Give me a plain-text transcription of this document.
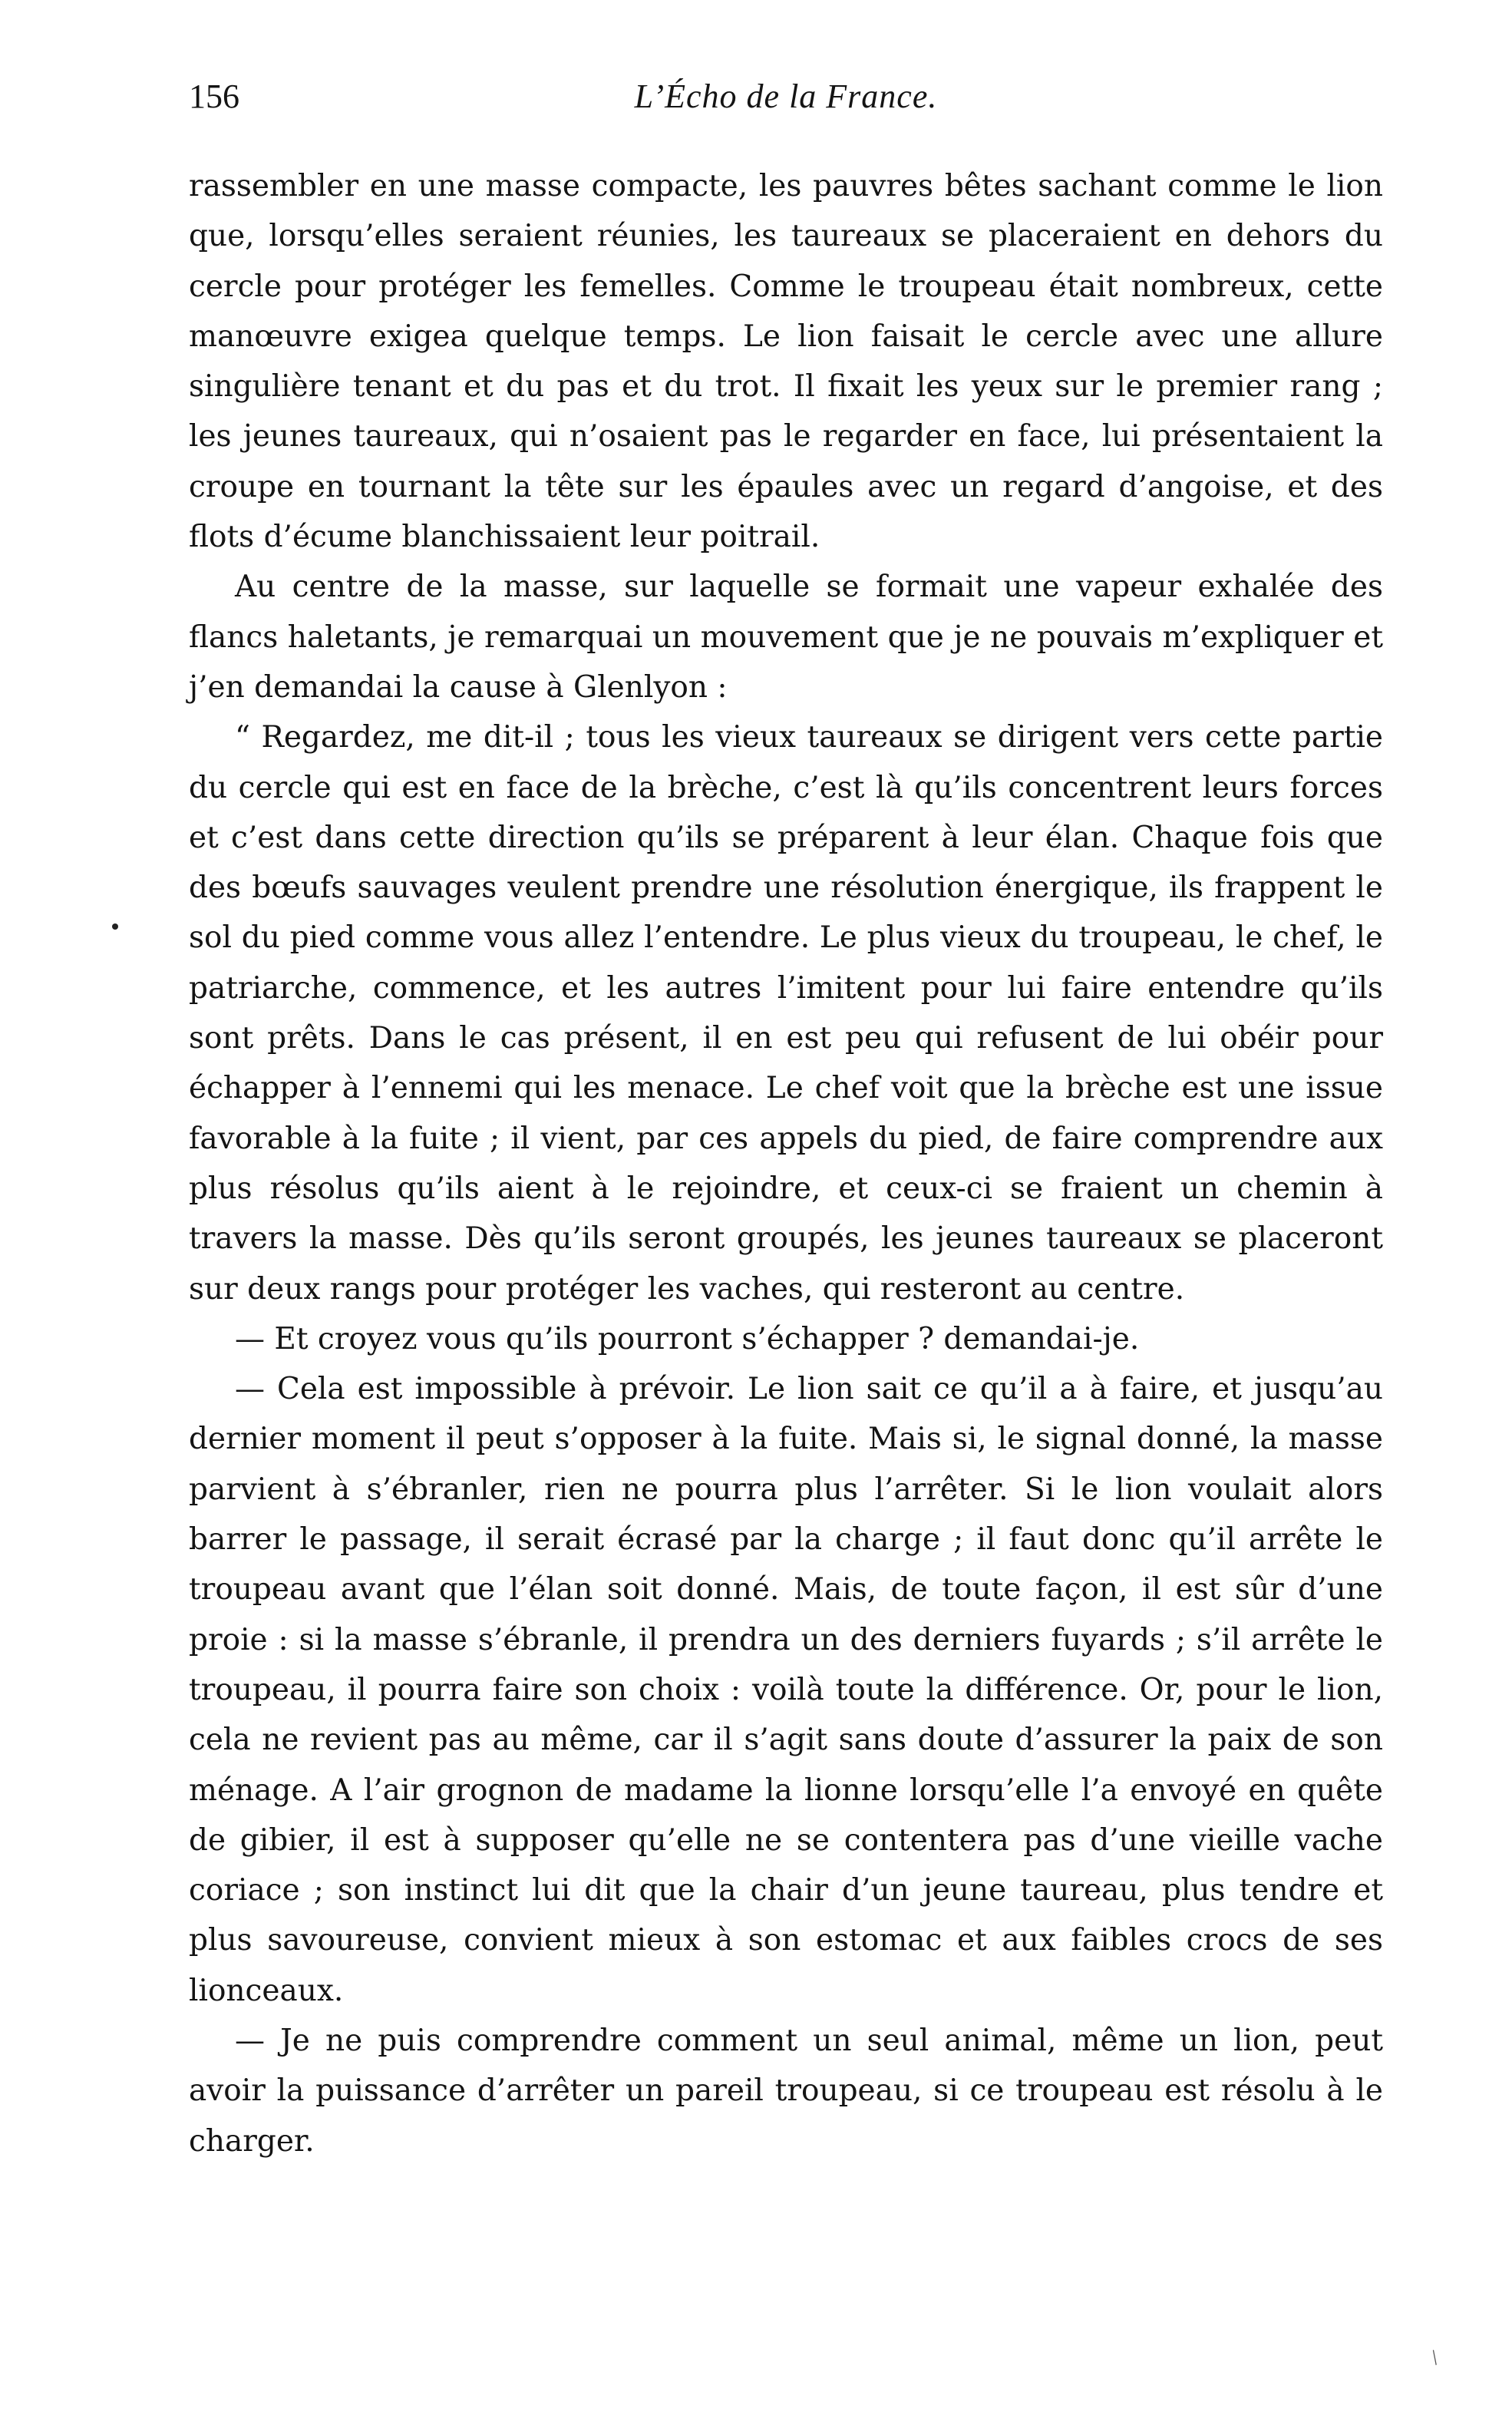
156	L’Écho de la France.

rassembler en une masse compacte, les pauvres bêtes sachant comme le lion que, lorsqu’elles seraient réunies, les taureaux se placeraient en dehors du cercle pour protéger les femelles. Comme le troupeau était nombreux, cette manœuvre exigea quelque temps. Le lion faisait le cercle avec une allure singulière tenant et du pas et du trot. Il fixait les yeux sur le premier rang ; les jeunes taureaux, qui n’osaient pas le regarder en face, lui présentaient la croupe en tournant la tête sur les épaules avec un regard d’angoise, et des flots d’écume blanchissaient leur poitrail.

Au centre de la masse, sur laquelle se formait une vapeur exhalée des flancs haletants, je remarquai un mouvement que je ne pouvais m’expliquer et j’en demandai la cause à Glenlyon :

“ Regardez, me dit-il ; tous les vieux taureaux se dirigent vers cette partie du cercle qui est en face de la brèche, c’est là qu’ils concentrent leurs forces et c’est dans cette direction qu’ils se préparent à leur élan. Chaque fois que des bœufs sauvages veulent prendre une résolution énergique, ils frappent le sol du pied comme vous allez l’entendre. Le plus vieux du troupeau, le chef, le patriarche, commence, et les autres l’imitent pour lui faire entendre qu’ils sont prêts. Dans le cas présent, il en est peu qui refusent de lui obéir pour échapper à l’ennemi qui les menace. Le chef voit que la brèche est une issue favorable à la fuite ; il vient, par ces appels du pied, de faire comprendre aux plus résolus qu’ils aient à le rejoindre, et ceux-ci se fraient un chemin à travers la masse. Dès qu’ils seront groupés, les jeunes taureaux se placeront sur deux rangs pour protéger les vaches, qui resteront au centre.

— Et croyez vous qu’ils pourront s’échapper ? demandai-je.

— Cela est impossible à prévoir. Le lion sait ce qu’il a à faire, et jusqu’au dernier moment il peut s’opposer à la fuite. Mais si, le signal donné, la masse parvient à s’ébranler, rien ne pourra plus l’arrêter. Si le lion voulait alors barrer le passage, il serait écrasé par la charge ; il faut donc qu’il arrête le troupeau avant que l’élan soit donné. Mais, de toute façon, il est sûr d’une proie : si la masse s’ébranle, il prendra un des derniers fuyards ; s’il arrête le troupeau, il pourra faire son choix : voilà toute la différence. Or, pour le lion, cela ne revient pas au même, car il s’agit sans doute d’assurer la paix de son ménage. A l’air grognon de madame la lionne lorsqu’elle l’a envoyé en quête de gibier, il est à supposer qu’elle ne se contentera pas d’une vieille vache coriace ; son instinct lui dit que la chair d’un jeune taureau, plus tendre et plus savoureuse, convient mieux à son estomac et aux faibles crocs de ses lionceaux.

— Je ne puis comprendre comment un seul animal, même un lion, peut avoir la puissance d’arrêter un pareil troupeau, si ce troupeau est résolu à le charger.

/
